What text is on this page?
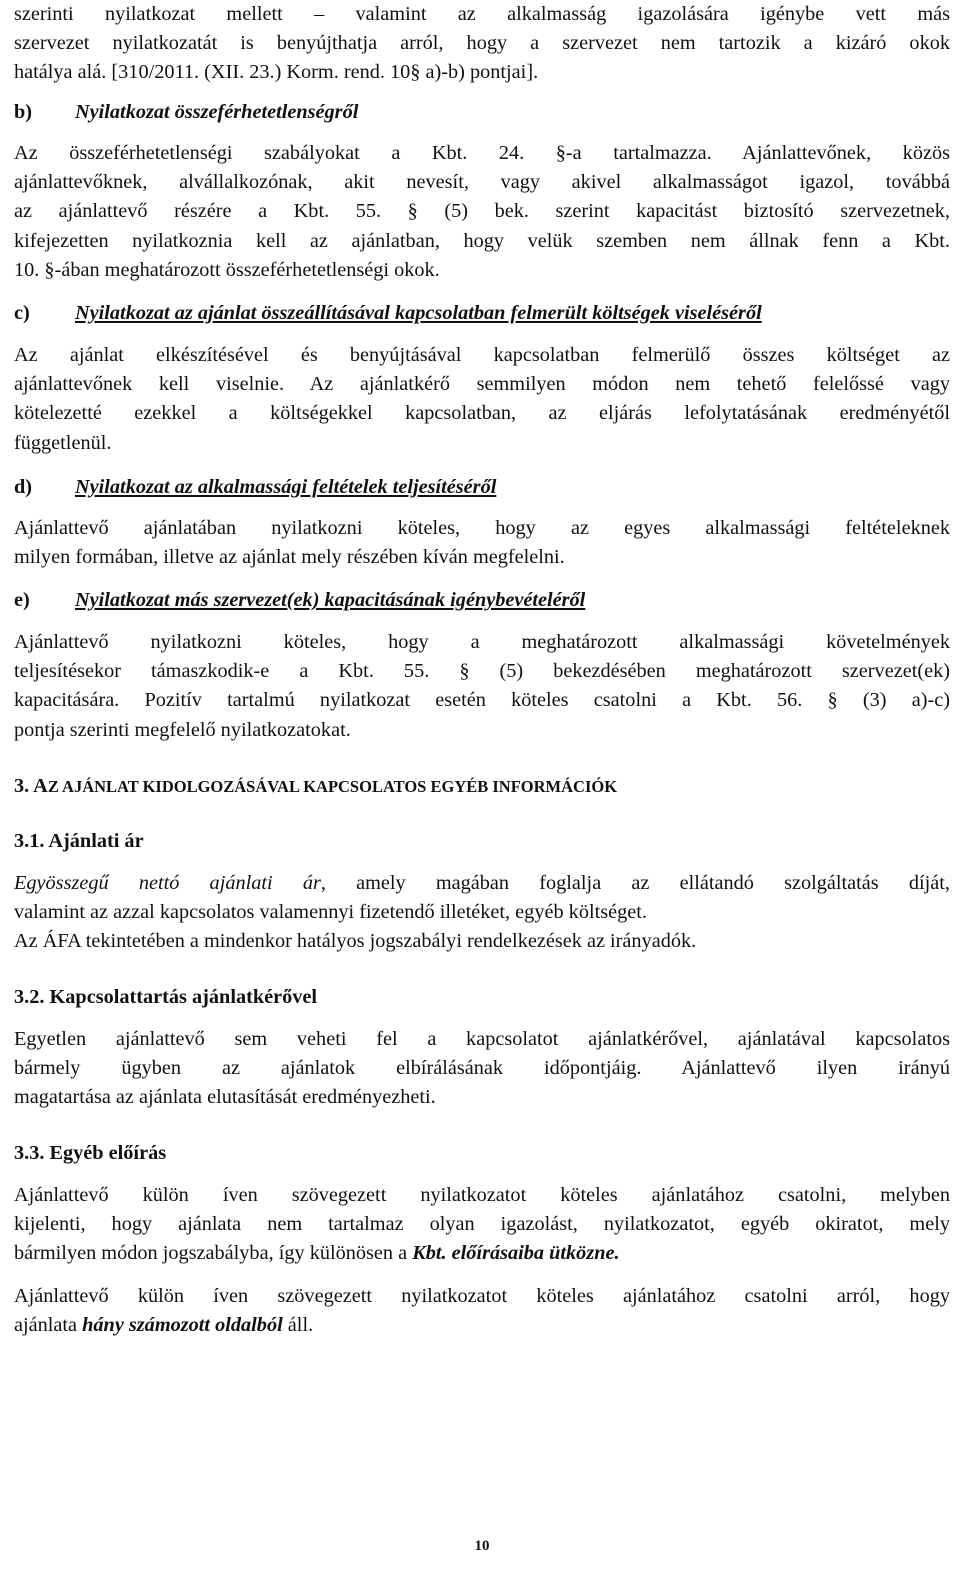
szerinti nyilatkozat mellett – valamint az alkalmasság igazolására igénybe vett más
szervezet nyilatkozatát is benyújthatja arról, hogy a szervezet nem tartozik a kizáró okok
hatálya alá. [310/2011. (XII. 23.) Korm. rend. 10§ a)-b) pontjai].
b) Nyilatkozat összeférhetetlenségről
Az összeférhetetlenségi szabályokat a Kbt. 24. §-a tartalmazza. Ajánlattevőnek, közös
ajánlattevőknek, alvállalkozónak, akit nevesít, vagy akivel alkalmasságot igazol, továbbá
az ajánlattevő részére a Kbt. 55. § (5) bek. szerint kapacitást biztosító szervezetnek,
kifejezetten nyilatkoznia kell az ajánlatban, hogy velük szemben nem állnak fenn a Kbt.
10. §-ában meghatározott összeférhetetlenségi okok.
c) Nyilatkozat az ajánlat összeállításával kapcsolatban felmerült költségek viseléséről
Az ajánlat elkészítésével és benyújtásával kapcsolatban felmerülő összes költséget az
ajánlattevőnek kell viselnie. Az ajánlatkérő semmilyen módon nem tehető felelőssé vagy
kötelezetté ezekkel a költségekkel kapcsolatban, az eljárás lefolytatásának eredményétől
függetlenül.
d) Nyilatkozat az alkalmassági feltételek teljesítéséről
Ajánlattevő ajánlatában nyilatkozni köteles, hogy az egyes alkalmassági feltételeknek
milyen formában, illetve az ajánlat mely részében kíván megfelelni.
e) Nyilatkozat más szervezet(ek) kapacitásának igénybevételéről
Ajánlattevő nyilatkozni köteles, hogy a meghatározott alkalmassági követelmények
teljesítésekor támaszkodik-e a Kbt. 55. § (5) bekezdésében meghatározott szervezet(ek)
kapacitására. Pozitív tartalmú nyilatkozat esetén köteles csatolni a Kbt. 56. § (3) a)-c)
pontja szerinti megfelelő nyilatkozatokat.
3. AZ AJÁNLAT KIDOLGOZÁSÁVAL KAPCSOLATOS EGYÉB INFORMÁCIÓK
3.1. Ajánlati ár
Egyösszegű nettó ajánlati ár, amely magában foglalja az ellátandó szolgáltatás díját,
valamint az azzal kapcsolatos valamennyi fizetendő illetéket, egyéb költséget.
Az ÁFA tekintetében a mindenkor hatályos jogszabályi rendelkezések az irányadók.
3.2. Kapcsolattartás ajánlatkérővel
Egyetlen ajánlattevő sem veheti fel a kapcsolatot ajánlatkérővel, ajánlatával kapcsolatos
bármely ügyben az ajánlatok elbírálásának időpontjáig. Ajánlattevő ilyen irányú
magatartása az ajánlata elutasítását eredményezheti.
3.3. Egyéb előírás
Ajánlattevő külön íven szövegezett nyilatkozatot köteles ajánlatához csatolni, melyben
kijelenti, hogy ajánlata nem tartalmaz olyan igazolást, nyilatkozatot, egyéb okiratot, mely
bármilyen módon jogszabályba, így különösen a Kbt. előírásaiba ütközne.
Ajánlattevő külön íven szövegezett nyilatkozatot köteles ajánlatához csatolni arról, hogy
ajánlata hány számozott oldalból áll.
10
